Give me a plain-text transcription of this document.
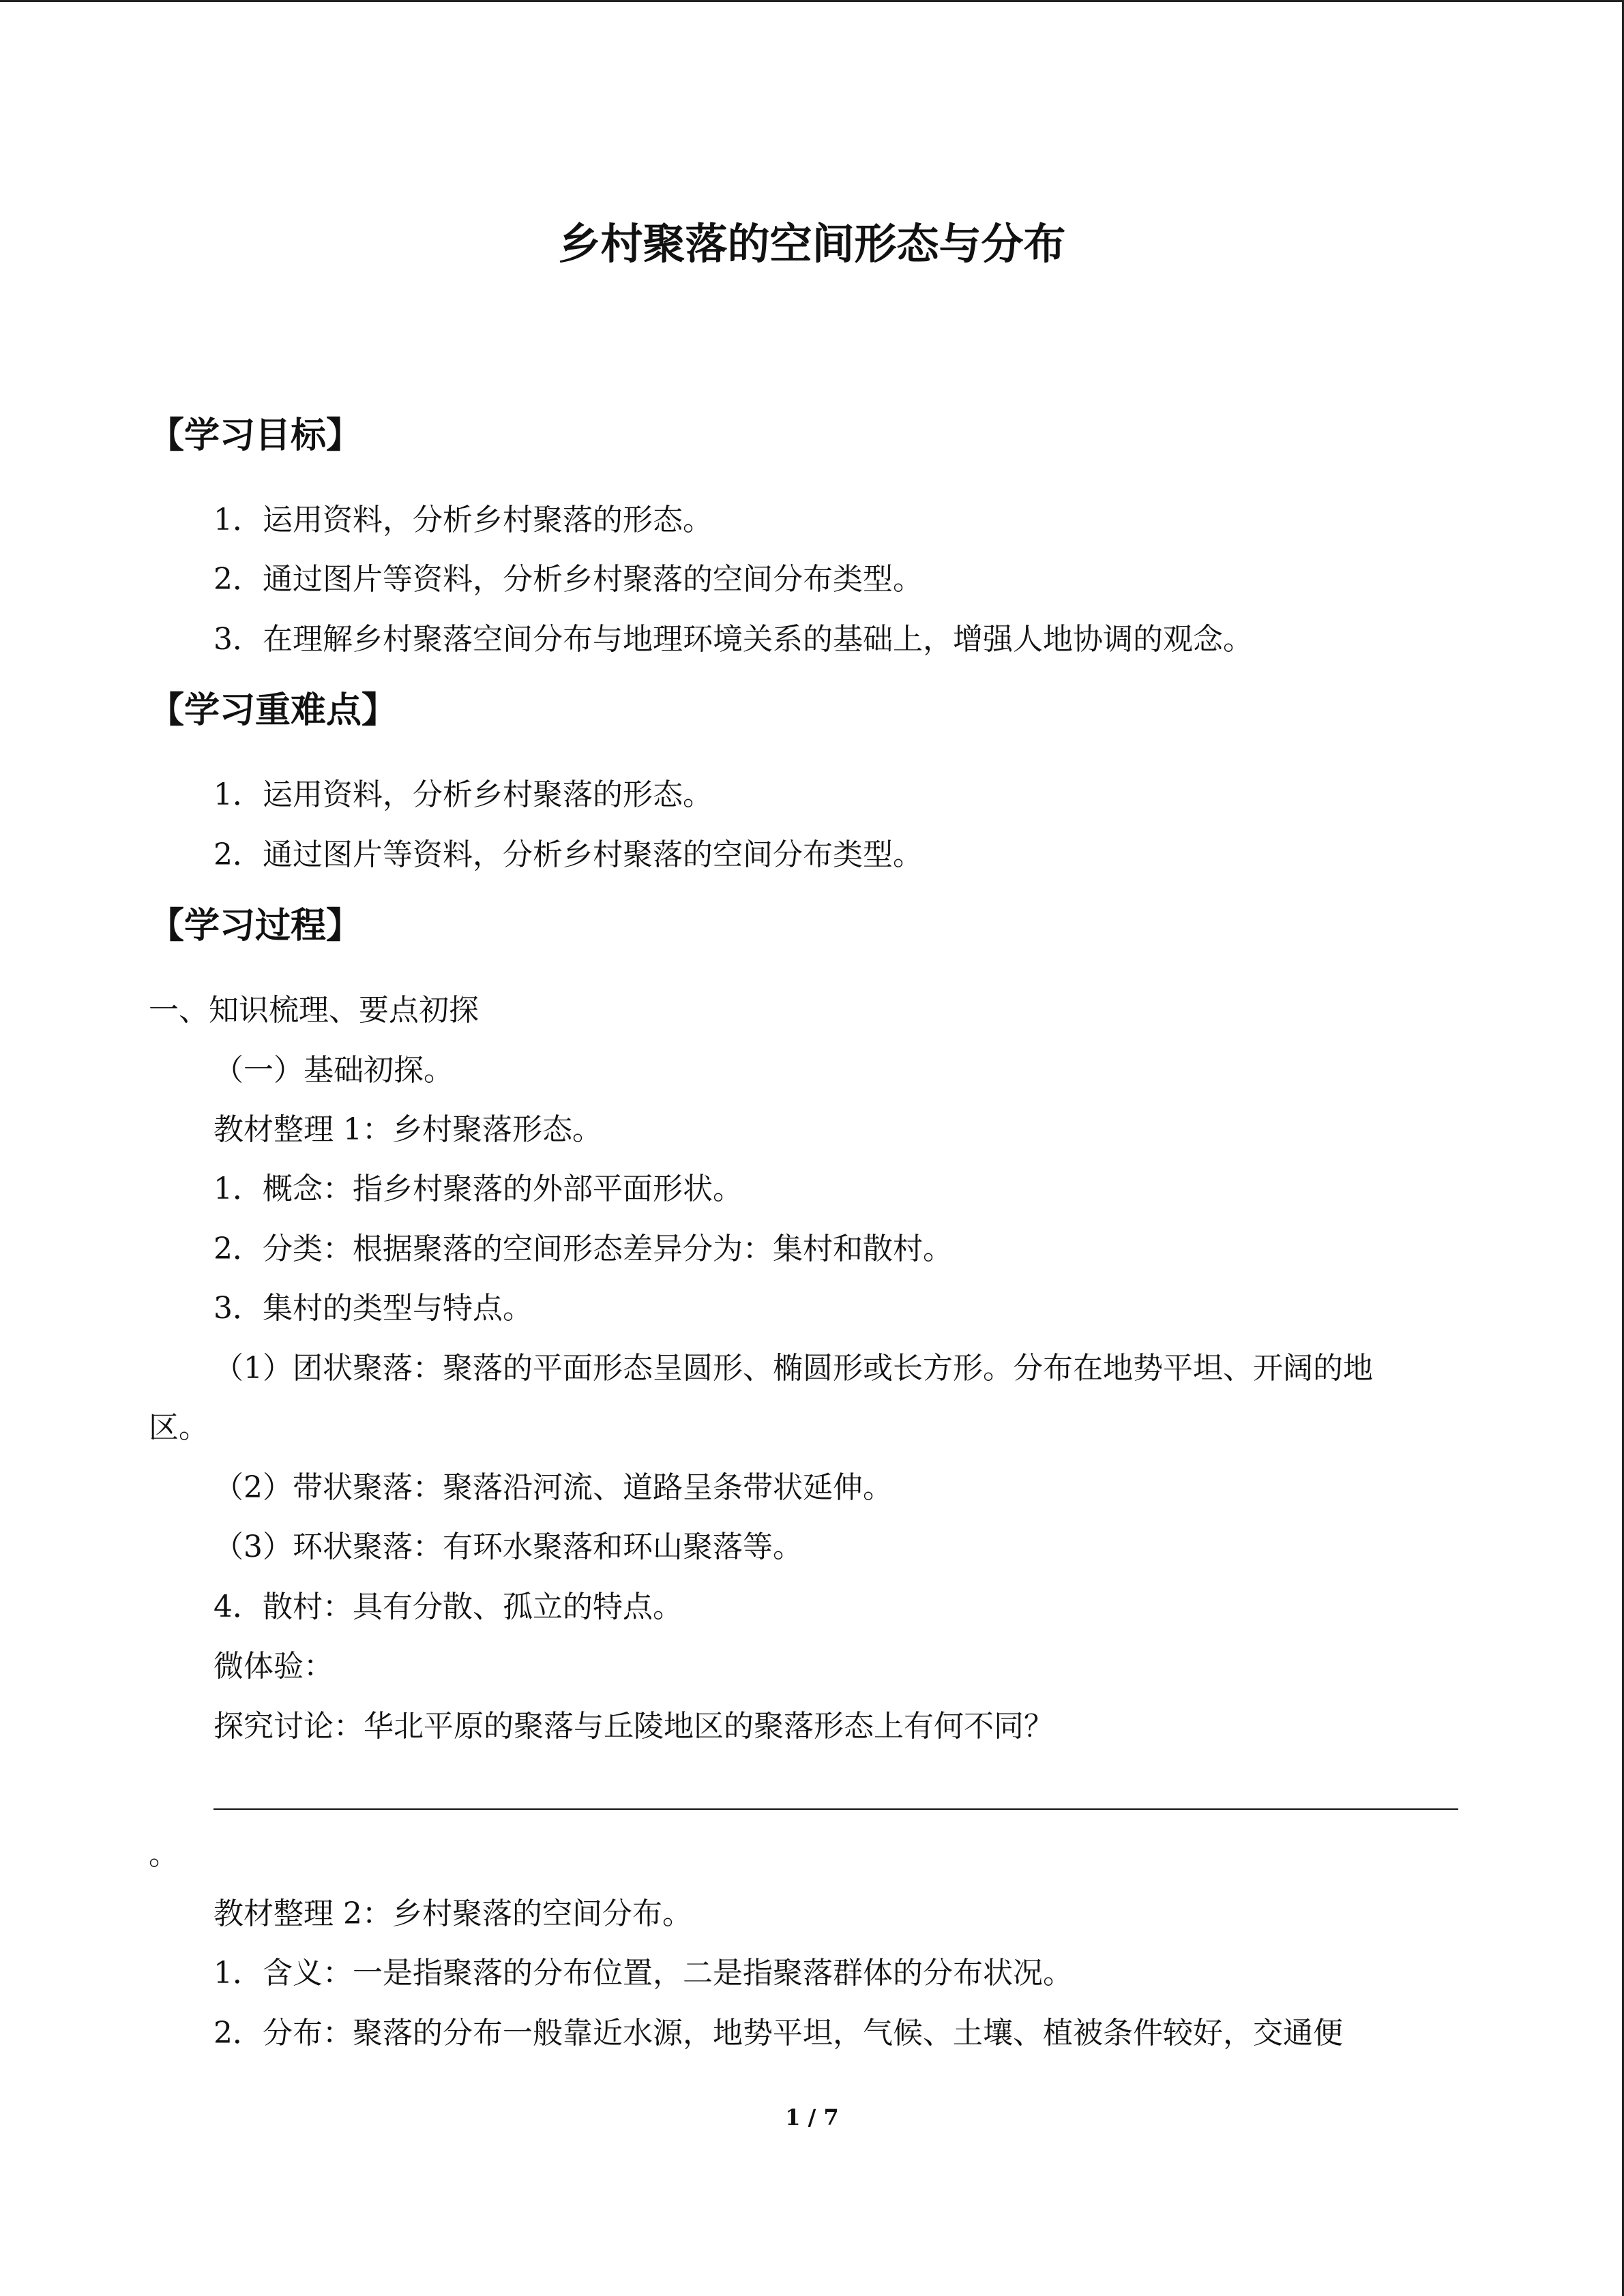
乡村聚落的空间形态与分布
【学习目标】
1．运用资料，分析乡村聚落的形态。
2．通过图片等资料，分析乡村聚落的空间分布类型。
3．在理解乡村聚落空间分布与地理环境关系的基础上，增强人地协调的观念。
【学习重难点】
1．运用资料，分析乡村聚落的形态。
2．通过图片等资料，分析乡村聚落的空间分布类型。
【学习过程】
一、知识梳理、要点初探
（一）基础初探。
教材整理 1：乡村聚落形态。
1．概念：指乡村聚落的外部平面形状。
2．分类：根据聚落的空间形态差异分为：集村和散村。
3．集村的类型与特点。
（1）团状聚落：聚落的平面形态呈圆形、椭圆形或长方形。分布在地势平坦、开阔的地
区。
（2）带状聚落：聚落沿河流、道路呈条带状延伸。
（3）环状聚落：有环水聚落和环山聚落等。
4．散村：具有分散、孤立的特点。
微体验：
探究讨论：华北平原的聚落与丘陵地区的聚落形态上有何不同？
。
教材整理 2：乡村聚落的空间分布。
1．含义：一是指聚落的分布位置，二是指聚落群体的分布状况。
2．分布：聚落的分布一般靠近水源，地势平坦，气候、土壤、植被条件较好，交通便
1 / 7
